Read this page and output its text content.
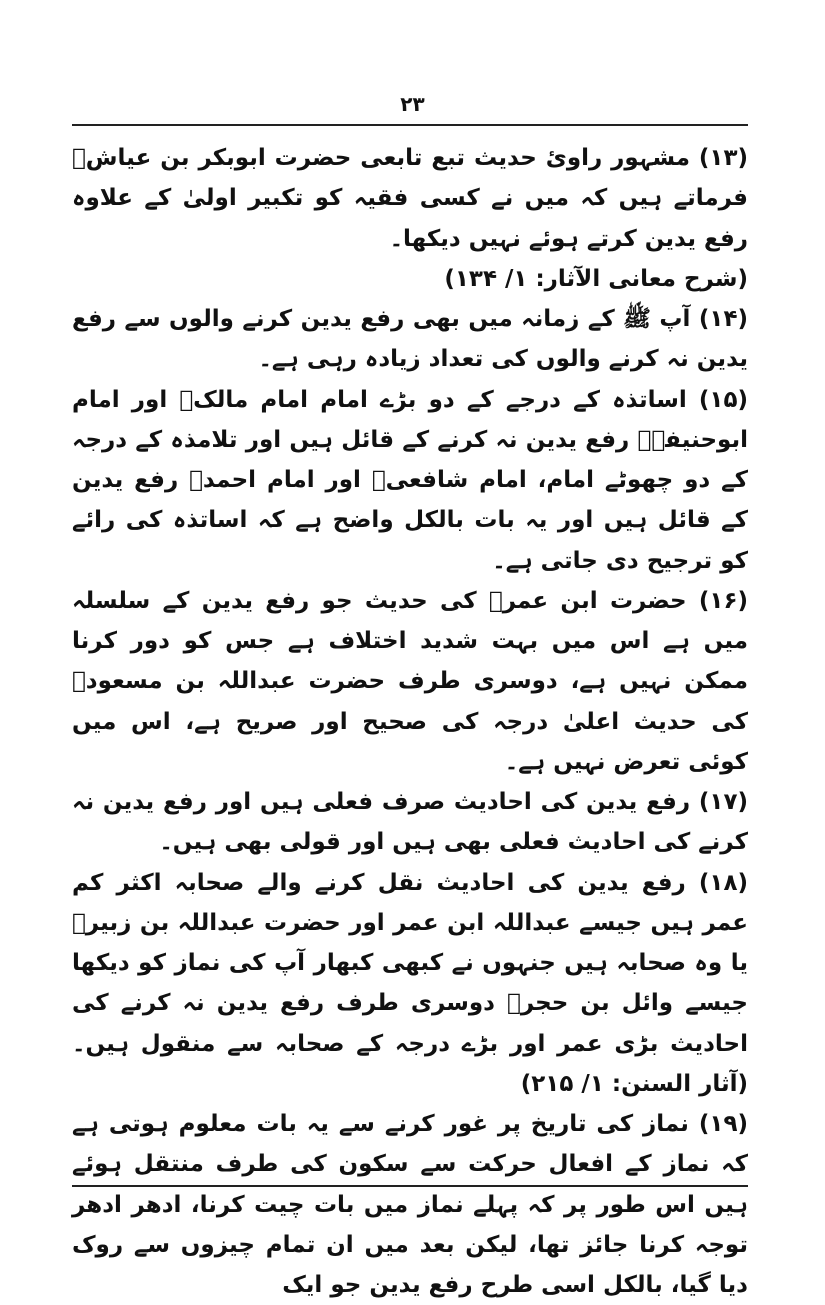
۲۳

(۱۳) مشہور راوئ حدیث تبع تابعی حضرت ابوبکر بن عیاشؒ فرماتے ہیں کہ میں نے کسی فقیہ کو تکبیر اولیٰ کے علاوہ رفع یدین کرتے ہوئے نہیں دیکھا۔

(شرح معانی الآثار: ۱/ ۱۳۴)

(۱۴) آپ ﷺ کے زمانہ میں بھی رفع یدین کرنے والوں سے رفع یدین نہ کرنے والوں کی تعداد زیادہ رہی ہے۔

(۱۵) اساتذہ کے درجے کے دو بڑے امام امام مالکؒ اور امام ابوحنیفہؒ رفع یدین نہ کرنے کے قائل ہیں اور تلامذہ کے درجہ کے دو چھوٹے امام، امام شافعیؒ اور امام احمدؒ رفع یدین کے قائل ہیں اور یہ بات بالکل واضح ہے کہ اساتذہ کی رائے کو ترجیح دی جاتی ہے۔

(۱۶) حضرت ابن عمرؓ کی حدیث جو رفع یدین کے سلسلہ میں ہے اس میں بہت شدید اختلاف ہے جس کو دور کرنا ممکن نہیں ہے، دوسری طرف حضرت عبداللہ بن مسعودؓ کی حدیث اعلیٰ درجہ کی صحیح اور صریح ہے، اس میں کوئی تعرض نہیں ہے۔

(۱۷) رفع یدین کی احادیث صرف فعلی ہیں اور رفع یدین نہ کرنے کی احادیث فعلی بھی ہیں اور قولی بھی ہیں۔

(۱۸) رفع یدین کی احادیث نقل کرنے والے صحابہ اکثر کم عمر ہیں جیسے عبداللہ ابن عمر اور حضرت عبداللہ بن زبیرؓ یا وہ صحابہ ہیں جنہوں نے کبھی کبھار آپ کی نماز کو دیکھا جیسے وائل بن حجرؓ دوسری طرف رفع یدین نہ کرنے کی احادیث بڑی عمر اور بڑے درجہ کے صحابہ سے منقول ہیں۔ (آثار السنن: ۱/ ۲۱۵)

(۱۹) نماز کی تاریخ پر غور کرنے سے یہ بات معلوم ہوتی ہے کہ نماز کے افعال حرکت سے سکون کی طرف منتقل ہوئے ہیں اس طور پر کہ پہلے نماز میں بات چیت کرنا، ادھر ادھر توجہ کرنا جائز تھا، لیکن بعد میں ان تمام چیزوں سے روک دیا گیا، بالکل اسی طرح رفع یدین جو ایک
